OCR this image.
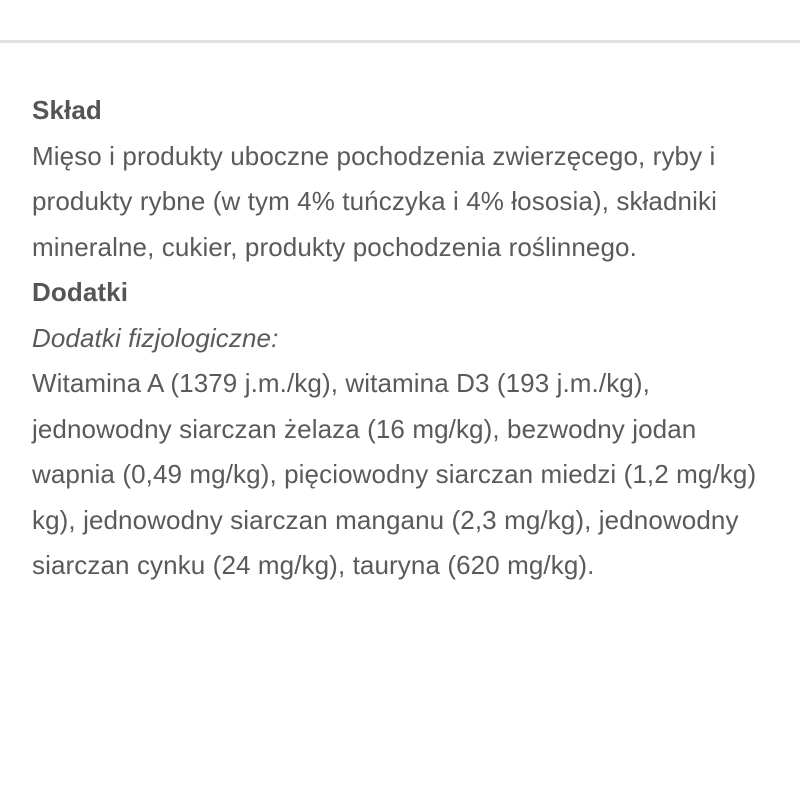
Skład
Mięso i produkty uboczne pochodzenia zwierzęcego, ryby i produkty rybne (w tym 4% tuńczyka i 4% łososia), składniki mineralne, cukier, produkty pochodzenia roślinnego.
Dodatki
Dodatki fizjologiczne:
Witamina A (1379 j.m./kg), witamina D3 (193 j.m./kg), jednowodny siarczan żelaza (16 mg/kg), bezwodny jodan wapnia (0,49 mg/kg), pięciowodny siarczan miedzi (1,2 mg/kg) kg), jednowodny siarczan manganu (2,3 mg/kg), jednowodny siarczan cynku (24 mg/kg), tauryna (620 mg/kg).
